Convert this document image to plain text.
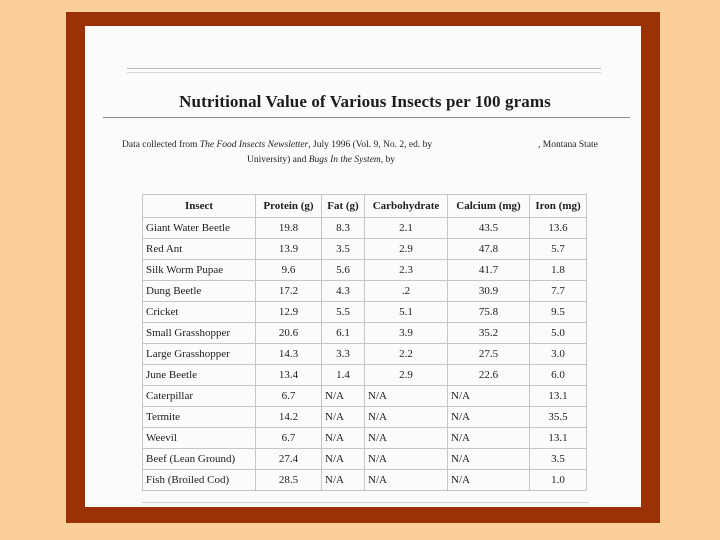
Nutritional Value of Various Insects per 100 grams
Data collected from The Food Insects Newsletter, July 1996 (Vol. 9, No. 2, ed. by	, Montana State
University) and Bugs In the System, by
Insect	Protein (g)	Fat (g)	Carbohydrate	Calcium (mg)	Iron (mg)
Giant Water Beetle	19.8	8.3	2.1	43.5	13.6
Red Ant	13.9	3.5	2.9	47.8	5.7
Silk Worm Pupae	9.6	5.6	2.3	41.7	1.8
Dung Beetle	17.2	4.3	.2	30.9	7.7
Cricket	12.9	5.5	5.1	75.8	9.5
Small Grasshopper	20.6	6.1	3.9	35.2	5.0
Large Grasshopper	14.3	3.3	2.2	27.5	3.0
June Beetle	13.4	1.4	2.9	22.6	6.0
Caterpillar	6.7	N/A	N/A	N/A	13.1
Termite	14.2	N/A	N/A	N/A	35.5
Weevil	6.7	N/A	N/A	N/A	13.1
Beef (Lean Ground)	27.4	N/A	N/A	N/A	3.5
Fish (Broiled Cod)	28.5	N/A	N/A	N/A	1.0
